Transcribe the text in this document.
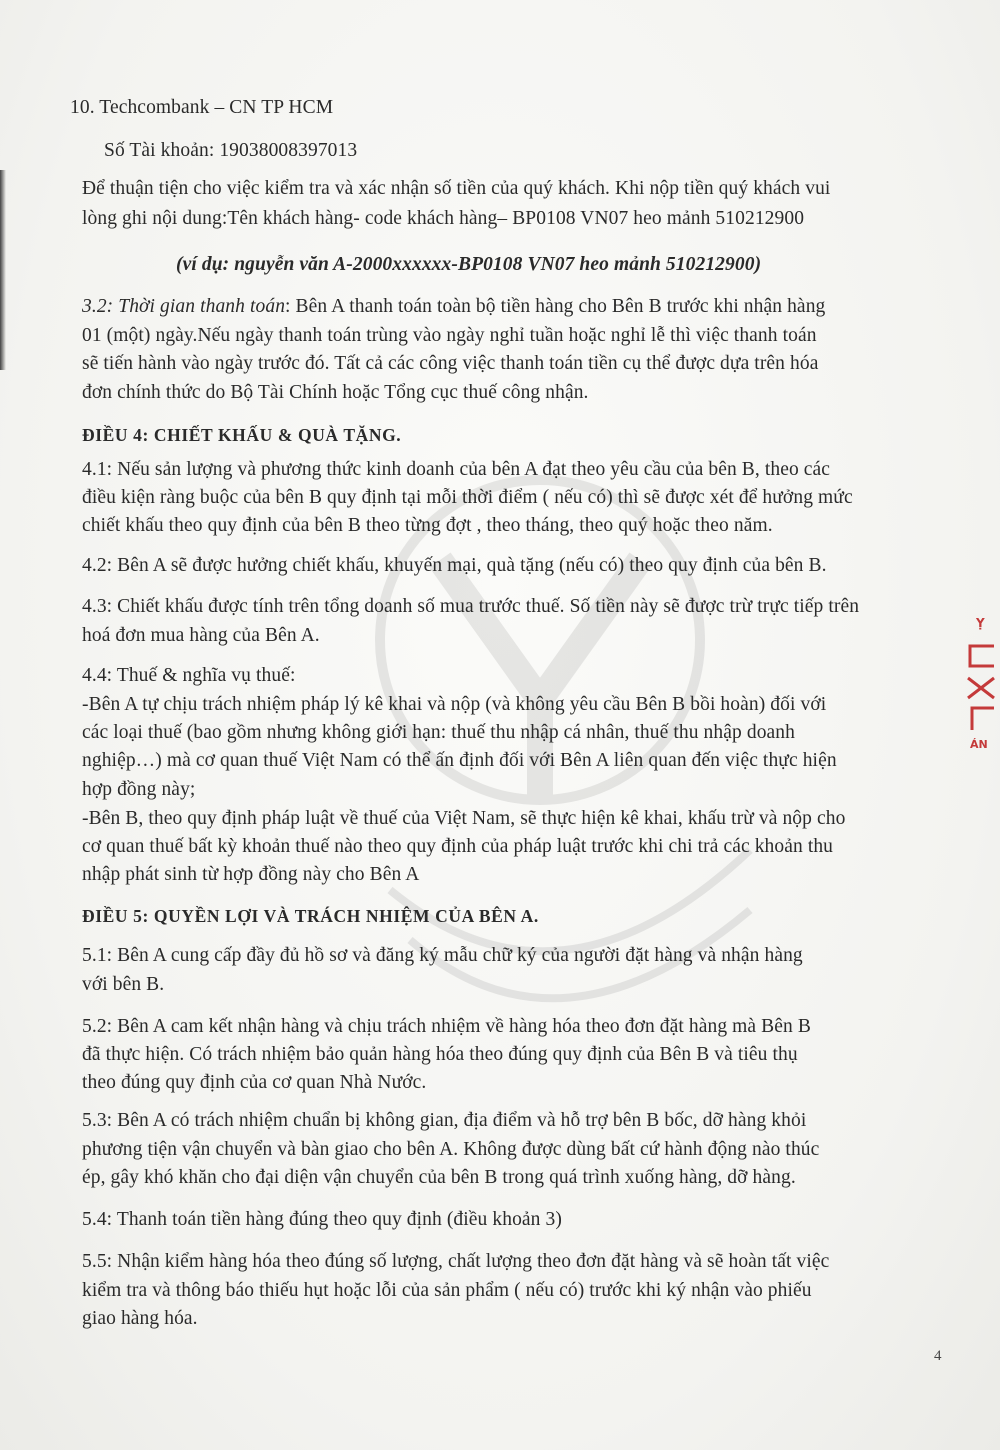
10. Techcombank – CN TP HCM
Số Tài khoản: 19038008397013
Để thuận tiện cho việc kiểm tra và xác nhận số tiền của quý khách. Khi nộp tiền quý khách vui
lòng ghi nội dung:Tên khách hàng- code khách hàng– BP0108 VN07 heo mảnh 510212900
(ví dụ: nguyễn văn A-2000xxxxxx-BP0108 VN07 heo mảnh 510212900)
3.2: Thời gian thanh toán: Bên A thanh toán toàn bộ tiền hàng cho Bên B trước khi nhận hàng
01 (một) ngày.Nếu ngày thanh toán trùng vào ngày nghỉ tuần hoặc nghỉ lễ thì việc thanh toán
sẽ tiến hành vào ngày trước đó. Tất cả các công việc thanh toán tiền cụ thể được dựa trên hóa
đơn chính thức do Bộ Tài Chính hoặc Tổng cục thuế công nhận.
ĐIỀU 4: CHIẾT KHẤU & QUÀ TẶNG.
4.1: Nếu sản lượng và phương thức kinh doanh của bên A đạt theo yêu cầu của bên B, theo các
điều kiện ràng buộc của bên B quy định tại mỗi thời điểm ( nếu có) thì sẽ được xét để hưởng mức
chiết khấu theo quy định của bên B theo từng đợt , theo tháng, theo quý hoặc theo năm.
4.2: Bên A sẽ được hưởng chiết khấu, khuyến mại, quà tặng (nếu có) theo quy định của bên B.
4.3: Chiết khấu được tính trên tổng doanh số mua trước thuế. Số tiền này sẽ được trừ trực tiếp trên
hoá đơn mua hàng của Bên A.
4.4: Thuế & nghĩa vụ thuế:
-Bên A tự chịu trách nhiệm pháp lý kê khai và nộp (và không yêu cầu Bên B bồi hoàn) đối với
các loại thuế (bao gồm nhưng không giới hạn: thuế thu nhập cá nhân, thuế thu nhập doanh
nghiệp…) mà cơ quan thuế Việt Nam có thể ấn định đối với Bên A liên quan đến việc thực hiện
hợp đồng này;
-Bên B, theo quy định pháp luật về thuế của Việt Nam, sẽ thực hiện kê khai, khấu trừ và nộp cho
cơ quan thuế bất kỳ khoản thuế nào theo quy định của pháp luật trước khi chi trả các khoản thu
nhập phát sinh từ hợp đồng này cho Bên A
ĐIỀU 5: QUYỀN LỢI VÀ TRÁCH NHIỆM CỦA BÊN A.
5.1: Bên A cung cấp đầy đủ hồ sơ và đăng ký mẫu chữ ký của người đặt hàng và nhận hàng
với bên B.
5.2: Bên A cam kết nhận hàng và chịu trách nhiệm về hàng hóa theo đơn đặt hàng mà Bên B
đã thực hiện. Có trách nhiệm bảo quản hàng hóa theo đúng quy định của Bên B và tiêu thụ
theo đúng quy định của cơ quan Nhà Nước.
5.3: Bên A có trách nhiệm chuẩn bị không gian, địa điểm và hỗ trợ bên B bốc, dỡ hàng khỏi
phương tiện vận chuyển và bàn giao cho bên A. Không được dùng bất cứ hành động nào thúc
ép, gây khó khăn cho đại diện vận chuyển của bên B trong quá trình xuống hàng, dỡ hàng.
5.4: Thanh toán tiền hàng đúng theo quy định (điều khoản 3)
5.5: Nhận kiểm hàng hóa theo đúng số lượng, chất lượng theo đơn đặt hàng và sẽ hoàn tất việc
kiểm tra và thông báo thiếu hụt hoặc lỗi của sản phẩm ( nếu có) trước khi ký nhận vào phiếu
giao hàng hóa.
Ỵ
ÁN
4
